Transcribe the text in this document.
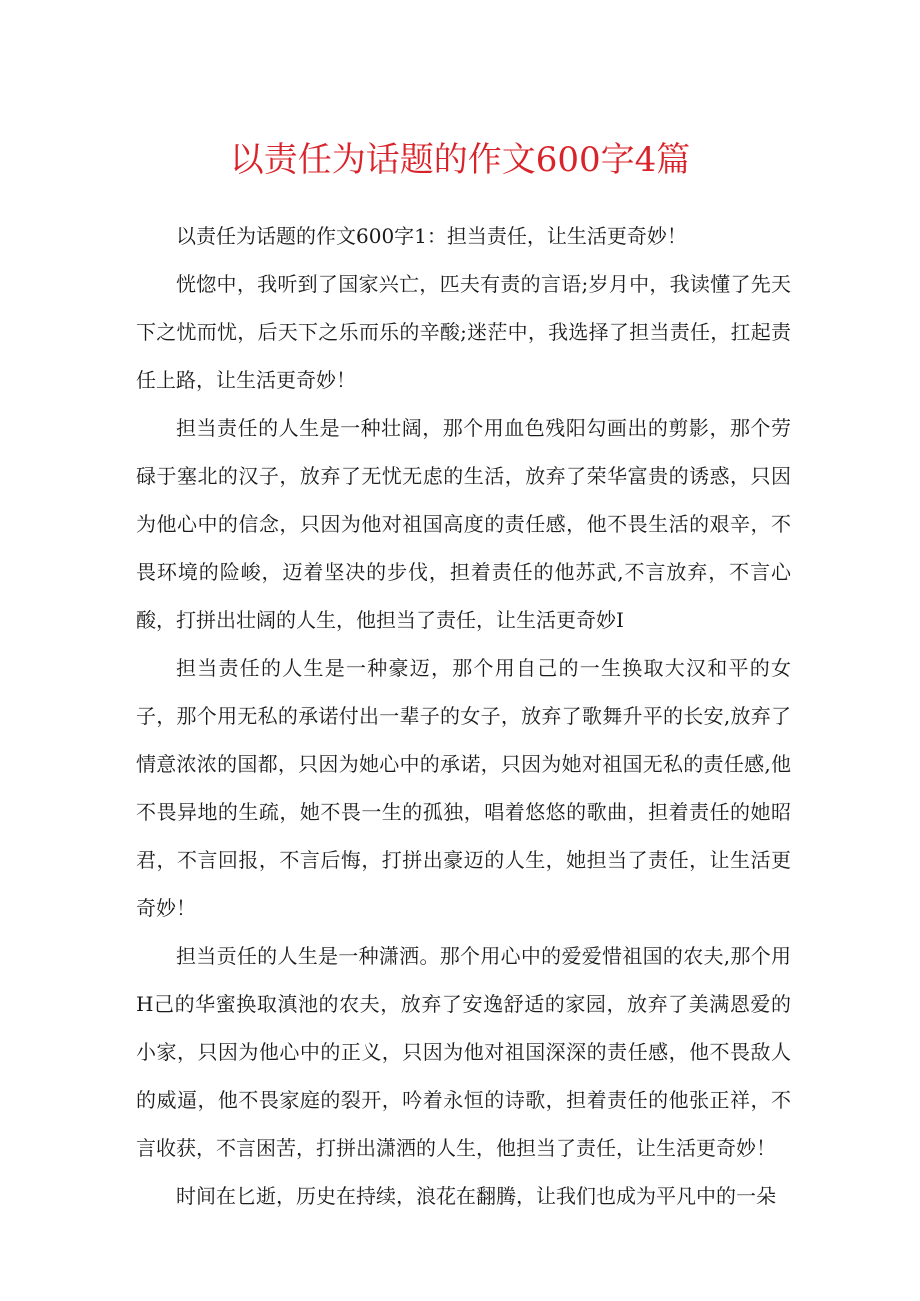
以责任为话题的作文600字4篇

以责任为话题的作文600字1：担当责任，让生活更奇妙！

恍惚中，我听到了国家兴亡，匹夫有责的言语;岁月中，我读懂了先天下之忧而忧，后天下之乐而乐的辛酸;迷茫中，我选择了担当责任，扛起责任上路，让生活更奇妙！

担当责任的人生是一种壮阔，那个用血色残阳勾画出的剪影，那个劳碌于塞北的汉子，放弃了无忧无虑的生活，放弃了荣华富贵的诱惑，只因为他心中的信念，只因为他对祖国高度的责任感，他不畏生活的艰辛，不畏环境的险峻，迈着坚决的步伐，担着责任的他苏武,不言放弃，不言心酸，打拼出壮阔的人生，他担当了责任，让生活更奇妙I

担当责任的人生是一种豪迈，那个用自己的一生换取大汉和平的女子，那个用无私的承诺付出一辈子的女子，放弃了歌舞升平的长安,放弃了情意浓浓的国都，只因为她心中的承诺，只因为她对祖国无私的责任感,他不畏异地的生疏，她不畏一生的孤独，唱着悠悠的歌曲，担着责任的她昭君，不言回报，不言后悔，打拼出豪迈的人生，她担当了责任，让生活更奇妙！

担当贡任的人生是一种潇洒。那个用心中的爱爱惜祖国的农夫,那个用H己的华蜜换取滇池的农夫，放弃了安逸舒适的家园，放弃了美满恩爱的小家，只因为他心中的正义，只因为他对祖国深深的责任感，他不畏敌人的威逼，他不畏家庭的裂开，吟着永恒的诗歌，担着责任的他张正祥，不言收获，不言困苦，打拼出潇洒的人生，他担当了责任，让生活更奇妙！

时间在匕逝，历史在持续，浪花在翻腾，让我们也成为平凡中的一朵
